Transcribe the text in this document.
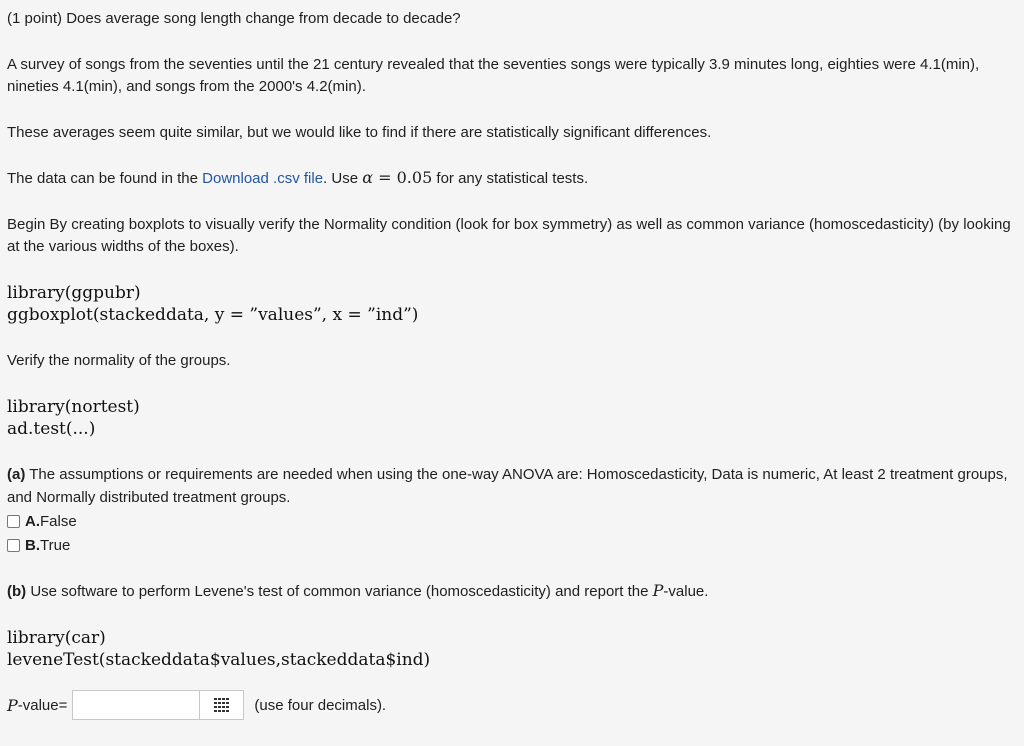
(1 point) Does average song length change from decade to decade?

A survey of songs from the seventies until the 21 century revealed that the seventies songs were typically 3.9 minutes long, eighties were 4.1(min), nineties 4.1(min), and songs from the 2000's 4.2(min).

These averages seem quite similar, but we would like to find if there are statistically significant differences.

The data can be found in the Download .csv file. Use α = 0.05 for any statistical tests.

Begin By creating boxplots to visually verify the Normality condition (look for box symmetry) as well as common variance (homoscedasticity) (by looking at the various widths of the boxes).

library(ggpubr)
ggboxplot(stackeddata, y = ”values”, x = ”ind”)

Verify the normality of the groups.

library(nortest)
ad.test(...)

(a) The assumptions or requirements are needed when using the one-way ANOVA are: Homoscedasticity, Data is numeric, At least 2 treatment groups, and Normally distributed treatment groups.

A. False
B. True

(b) Use software to perform Levene's test of common variance (homoscedasticity) and report the P-value.

library(car)
leveneTest(stackeddata$values,stackeddata$ind)
P -value=	(use four decimals).
